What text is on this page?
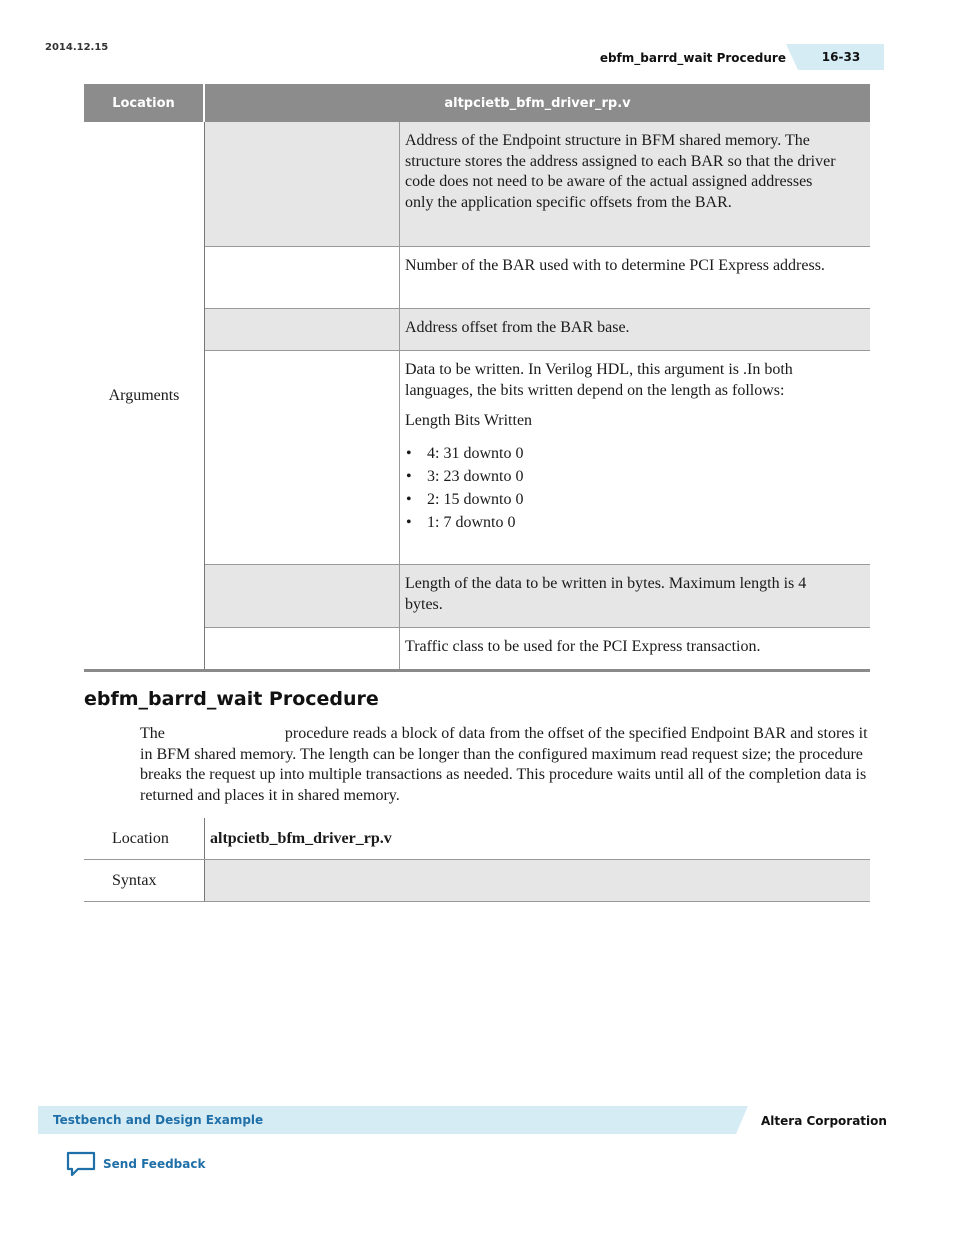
2014.12.15
ebfm_barrd_wait Procedure	16-33
Location	altpcietb_bfm_driver_rp.v
Arguments

Address of the Endpoint structure in BFM shared memory. The structure stores the address assigned to each BAR so that the driver code does not need to be aware of the actual assigned addresses only the application specific offsets from the BAR.

Number of the BAR used with to determine PCI Express address.

Address offset from the BAR base.

Data to be written. In Verilog HDL, this argument is .In both languages, the bits written depend on the length as follows:

Length Bits Written

• 4: 31 downto 0
• 3: 23 downto 0
• 2: 15 downto 0
• 1: 7 downto 0

Length of the data to be written in bytes. Maximum length is 4 bytes.

Traffic class to be used for the PCI Express transaction.

ebfm_barrd_wait Procedure
The                              procedure reads a block of data from the offset of the specified Endpoint BAR and stores it in BFM shared memory. The length can be longer than the configured maximum read request size; the procedure breaks the request up into multiple transactions as needed. This procedure waits until all of the completion data is returned and places it in shared memory.
Location	altpcietb_bfm_driver_rp.v
Syntax
Testbench and Design Example	Altera Corporation
Send Feedback
